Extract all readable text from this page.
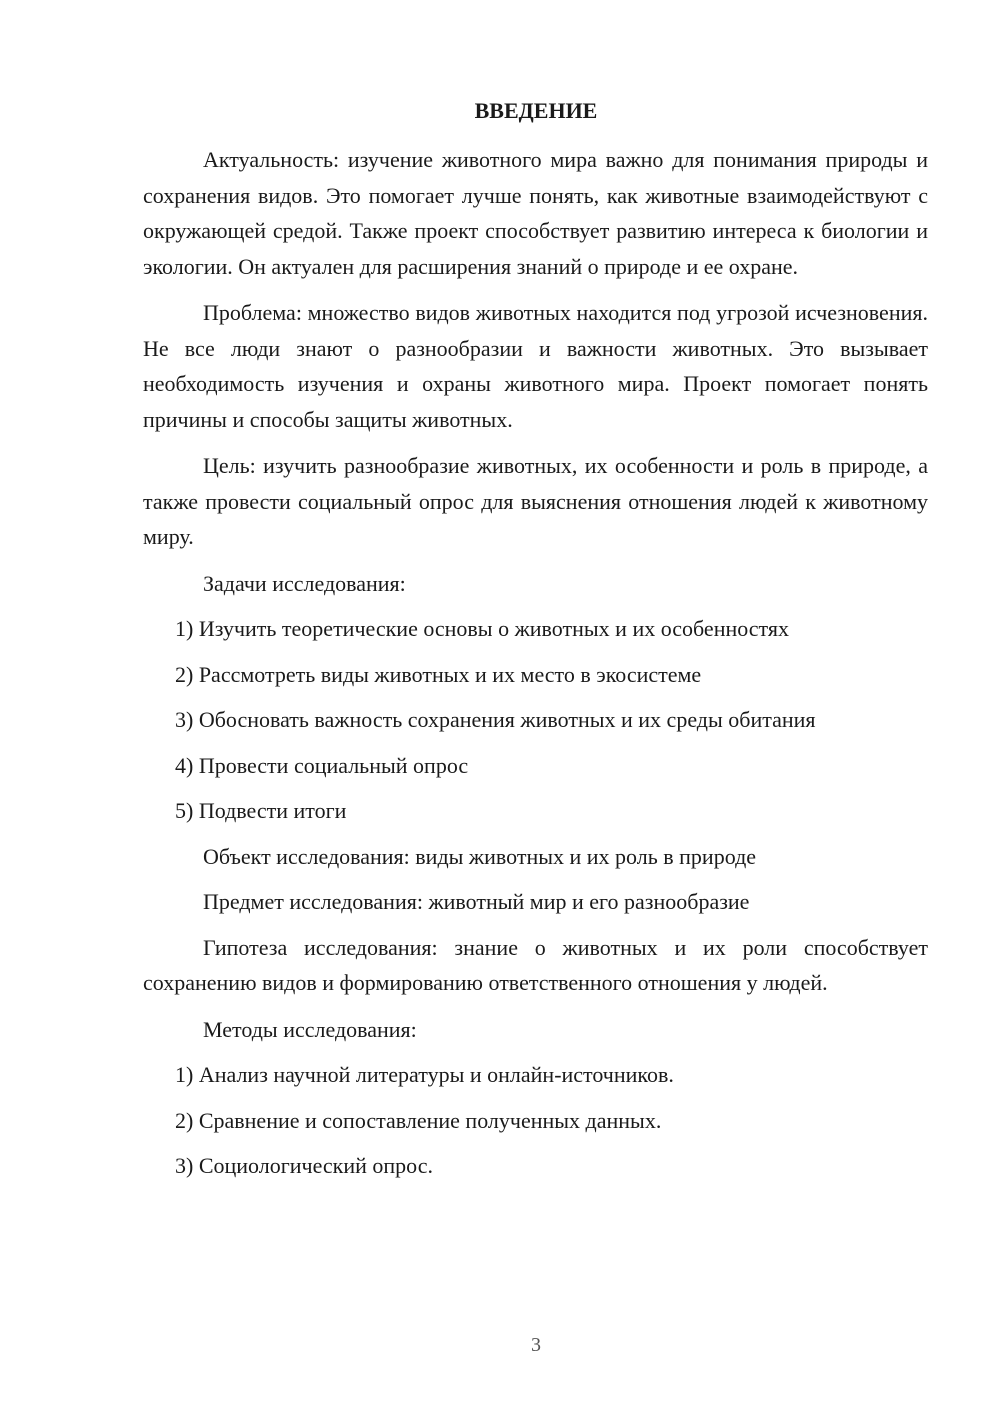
ВВЕДЕНИЕ

Актуальность: изучение животного мира важно для понимания природы и сохранения видов. Это помогает лучше понять, как животные взаимодействуют с окружающей средой. Также проект способствует развитию интереса к биологии и экологии. Он актуален для расширения знаний о природе и ее охране.

Проблема: множество видов животных находится под угрозой исчезновения. Не все люди знают о разнообразии и важности животных. Это вызывает необходимость изучения и охраны животного мира. Проект помогает понять причины и способы защиты животных.

Цель: изучить разнообразие животных, их особенности и роль в природе, а также провести социальный опрос для выяснения отношения людей к животному миру.

Задачи исследования:

1) Изучить теоретические основы о животных и их особенностях

2) Рассмотреть виды животных и их место в экосистеме

3) Обосновать важность сохранения животных и их среды обитания

4) Провести социальный опрос

5) Подвести итоги

Объект исследования: виды животных и их роль в природе

Предмет исследования: животный мир и его разнообразие

Гипотеза исследования: знание о животных и их роли способствует сохранению видов и формированию ответственного отношения у людей.

Методы исследования:

1) Анализ научной литературы и онлайн-источников.

2) Сравнение и сопоставление полученных данных.

3) Социологический опрос.

3
